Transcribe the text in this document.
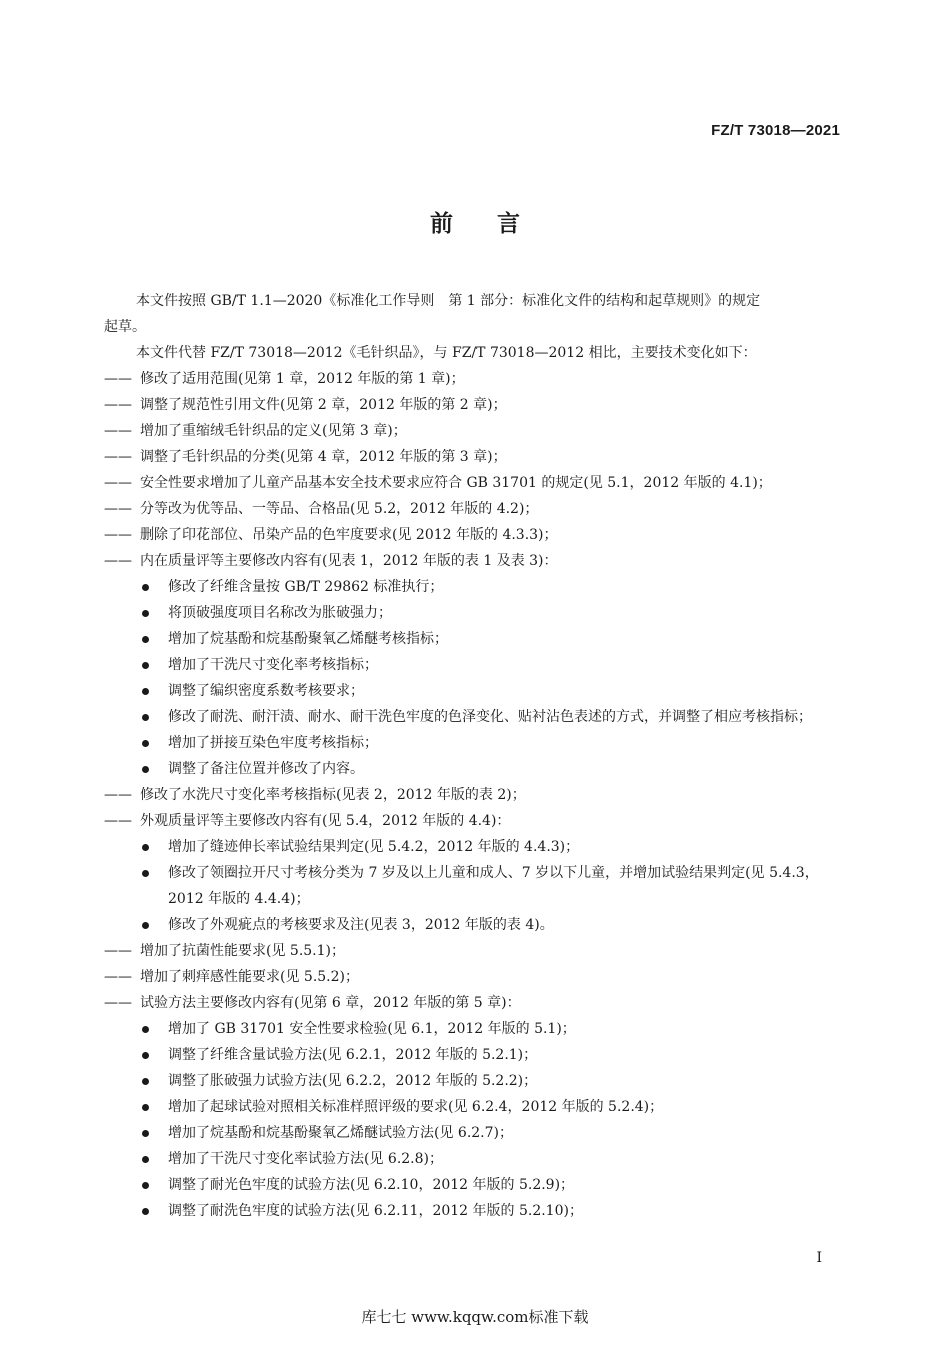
FZ/T 73018—2021
前言
本文件按照 GB/T 1.1—2020《标准化工作导则　第 1 部分：标准化文件的结构和起草规则》的规定
起草。
本文件代替 FZ/T 73018—2012《毛针织品》，与 FZ/T 73018—2012 相比，主要技术变化如下：
—— 修改了适用范围(见第 1 章，2012 年版的第 1 章)；
—— 调整了规范性引用文件(见第 2 章，2012 年版的第 2 章)；
—— 增加了重缩绒毛针织品的定义(见第 3 章)；
—— 调整了毛针织品的分类(见第 4 章，2012 年版的第 3 章)；
—— 安全性要求增加了儿童产品基本安全技术要求应符合 GB 31701 的规定(见 5.1，2012 年版的 4.1)；
—— 分等改为优等品、一等品、合格品(见 5.2，2012 年版的 4.2)；
—— 删除了印花部位、吊染产品的色牢度要求(见 2012 年版的 4.3.3)；
—— 内在质量评等主要修改内容有(见表 1，2012 年版的表 1 及表 3)：
修改了纤维含量按 GB/T 29862 标准执行；
将顶破强度项目名称改为胀破强力；
增加了烷基酚和烷基酚聚氧乙烯醚考核指标；
增加了干洗尺寸变化率考核指标；
调整了编织密度系数考核要求；
修改了耐洗、耐汗渍、耐水、耐干洗色牢度的色泽变化、贴衬沾色表述的方式，并调整了相应考核指标；
增加了拼接互染色牢度考核指标；
调整了备注位置并修改了内容。
—— 修改了水洗尺寸变化率考核指标(见表 2，2012 年版的表 2)；
—— 外观质量评等主要修改内容有(见 5.4，2012 年版的 4.4)：
增加了缝迹伸长率试验结果判定(见 5.4.2，2012 年版的 4.4.3)；
修改了领圈拉开尺寸考核分类为 7 岁及以上儿童和成人、7 岁以下儿童，并增加试验结果判定(见 5.4.3，2012 年版的 4.4.4)；
修改了外观疵点的考核要求及注(见表 3，2012 年版的表 4)。
—— 增加了抗菌性能要求(见 5.5.1)；
—— 增加了刺痒感性能要求(见 5.5.2)；
—— 试验方法主要修改内容有(见第 6 章，2012 年版的第 5 章)：
增加了 GB 31701 安全性要求检验(见 6.1，2012 年版的 5.1)；
调整了纤维含量试验方法(见 6.2.1，2012 年版的 5.2.1)；
调整了胀破强力试验方法(见 6.2.2，2012 年版的 5.2.2)；
增加了起球试验对照相关标准样照评级的要求(见 6.2.4，2012 年版的 5.2.4)；
增加了烷基酚和烷基酚聚氧乙烯醚试验方法(见 6.2.7)；
增加了干洗尺寸变化率试验方法(见 6.2.8)；
调整了耐光色牢度的试验方法(见 6.2.10，2012 年版的 5.2.9)；
调整了耐洗色牢度的试验方法(见 6.2.11，2012 年版的 5.2.10)；
I
库七七 www.kqqw.com标准下载
